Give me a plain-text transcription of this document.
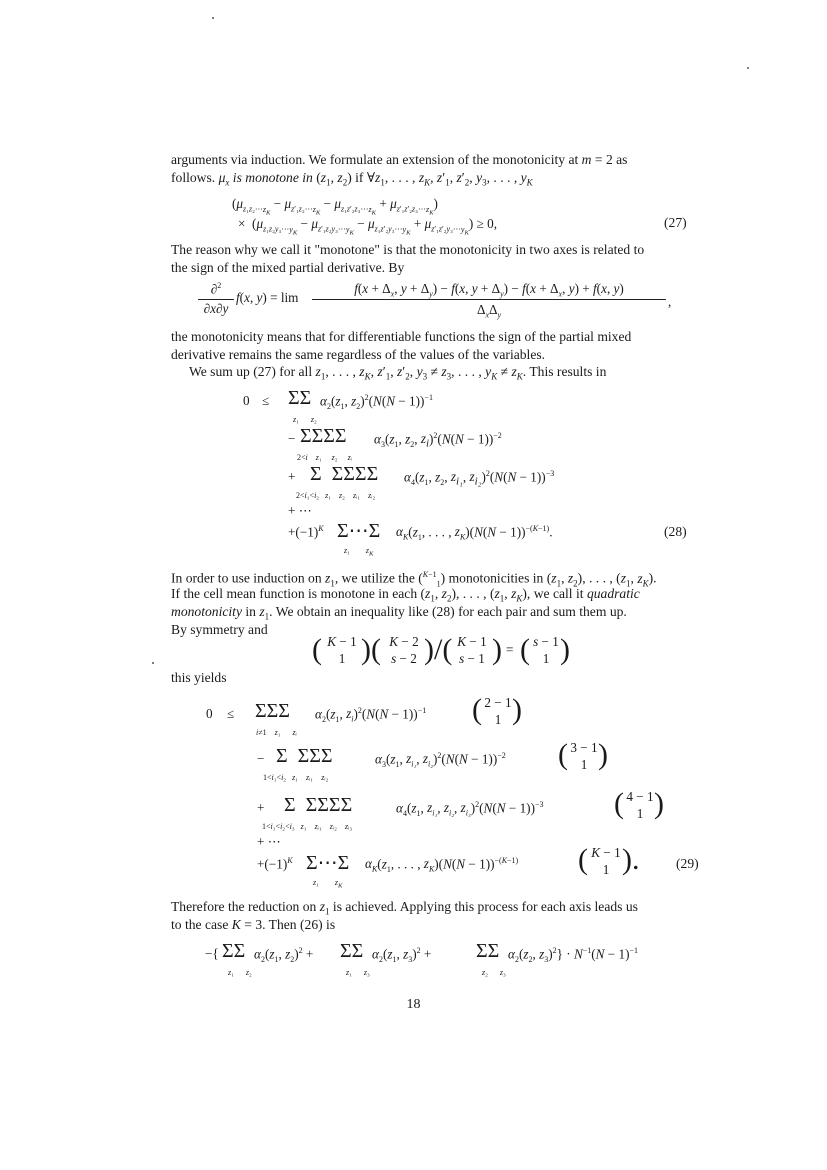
arguments via induction. We formulate an extension of the monotonicity at m = 2 as
follows. $\mu_x$ is monotone in ($z_1$, $z_2$) if $\forall z_1$, . . . , $z_K$, $z'_1$, $z'_2$, $y_3$, . . . , $y_K$
$(\mu_{z_1z_2\cdots z_K} - \mu_{z'_1z_2\cdots z_K} - \mu_{z_1z'_2z_3\cdots z_K} + \mu_{z'_1z'_2z_3\cdots z_K})$
×  $(\mu_{z_1z_2y_3\cdots y_K} - \mu_{z'_1z_2y_3\cdots y_K} - \mu_{z_1z'_2y_3\cdots y_K} + \mu_{z'_1z'_2y_3\cdots y_K}) \ge 0$,	(27)
The reason why we call it "monotone" is that the monotonicity in two axes is related to
the sign of the mixed partial derivative. By
∂$^2$
∂x∂y
f(x, y) = lim
$f(x + \Delta_x$, $y + \Delta_y) - f(x$, $y + \Delta_y) - f(x + \Delta_x$, y) + f(x, y)
$\Delta_x\Delta_y$
,
the monotonicity means that for differentiable functions the sign of the partial mixed
derivative remains the same regardless of the values of the variables.
We sum up (27) for all $z_1$, . . . , $z_K$, $z'_1$, $z'_2$, $y_3 \ne z_3$, . . . , $y_K \ne z_K$. This results in
0 ≤ ΣΣ
z₁      z₂
$\alpha_2(z_1$, $z_2)^2(N(N - 1))^{-1}$
− ΣΣΣΣ
2<i z₁     z₂     zᵢ
$\alpha_3(z_1$, $z_2$, $z_i)^2(N(N - 1))^{-2}$
+ Σ  ΣΣΣΣ
2<i₁<i₂   z₁    z₂    zᵢ₁    zᵢ₂
$\alpha_4(z_1$, $z_2$, $z_{i_1}$, $z_{i_2})^2(N(N - 1))^{-3}$
+ ⋯
$+(-1)^K$ Σ⋯Σ
z₁        $z_K$
$\alpha_K(z_1$, . . . , $z_K)(N(N - 1))^{-(K-1)}$.	(28)
In order to use induction on $z_1$, we utilize the ($^{K-1}_1$) monotonicities in ($z_1$, $z_2$), . . . , ($z_1$, $z_K$).
If the cell mean function is monotone in each ($z_1$, $z_2$), . . . , ($z_1$, $z_K$), we call it quadratic
monotonicity in $z_1$. We obtain an inequality like (28) for each pair and sum them up.
By symmetry and
( K − 1
1 )( K − 2
s − 2 )/( K − 1
s − 1 ) = ( s − 1
1 )
this yields
0 ≤ ΣΣΣ
i≠1    z₁      zᵢ
$\alpha_2(z_1$, $z_i)^2(N(N - 1))^{-1}$ ( 2 − 1
1 )
− Σ  ΣΣΣ
1<i₁<i₂   z₁    zᵢ₁    zᵢ₂
$\alpha_3(z_1$, $z_{i_1}$, $z_{i_2})^2(N(N - 1))^{-2}$ ( 3 − 1
1 )
+ Σ  ΣΣΣΣ
1<i₁<i₂<i₃   z₁    zᵢ₁    zᵢ₂    zᵢ₃
$\alpha_4(z_1$, $z_{i_1}$, $z_{i_2}$, $z_{i_3})^2(N(N - 1))^{-3}$ ( 4 − 1
1 )
+ ⋯
$+(-1)^K$ Σ⋯Σ
z₁        $z_K$
$\alpha_K(z_1$, . . . , $z_K)(N(N - 1))^{-(K-1)}$ ( K − 1
1 ).	(29)
Therefore the reduction on $z_1$ is achieved. Applying this process for each axis leads us
to the case K = 3. Then (26) is
−{ ΣΣ
z₁      z₂
$\alpha_2(z_1$, $z_2)^2 + \Sigma\Sigma$
z₁      z₃
$\alpha_2(z_1$, $z_3)^2 + \Sigma\Sigma$
z₂      z₃
$\alpha_2(z_2$, $z_3)^2\} \cdot N^{-1}(N - 1)^{-1}$
18
